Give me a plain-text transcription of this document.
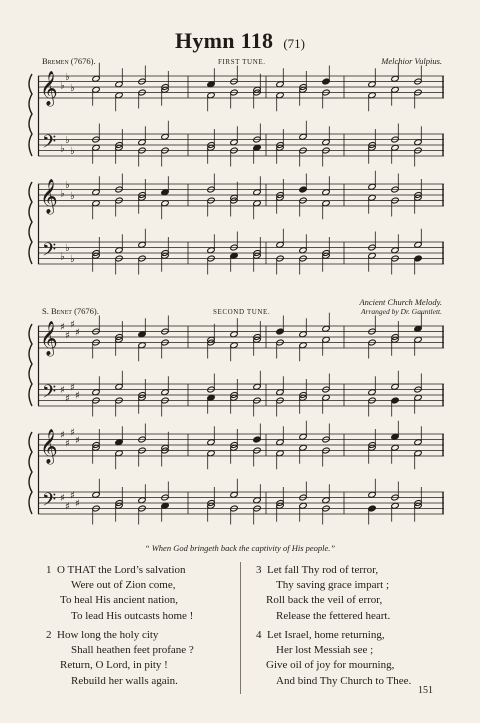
Hymn 118 (71)
Bremen (7676).	FIRST TUNE.	Melchior Vulpius.
𝄞
𝄢
♭
♭
♭
♭
♭
♭
𝄞
𝄢
♭
♭
♭
♭
♭
♭
S. Benet (7676).	SECOND TUNE.
Ancient Church Melody.
Arranged by Dr. Gauntlett.
𝄞
𝄢
♯
♯
♯
♯
♯
♯
♯
♯
𝄞
𝄢
♯
♯
♯
♯
♯
♯
♯
♯
“ When God bringeth back the captivity of His people.”
1 O THAT the Lord’s salvation
Were out of Zion come,
To heal His ancient nation,
To lead His outcasts home !
2 How long the holy city
Shall heathen feet profane ?
Return, O Lord, in pity !
Rebuild her walls again.
3 Let fall Thy rod of terror,
Thy saving grace impart ;
Roll back the veil of error,
Release the fettered heart.
4 Let Israel, home returning,
Her lost Messiah see ;
Give oil of joy for mourning,
And bind Thy Church to Thee.
151
